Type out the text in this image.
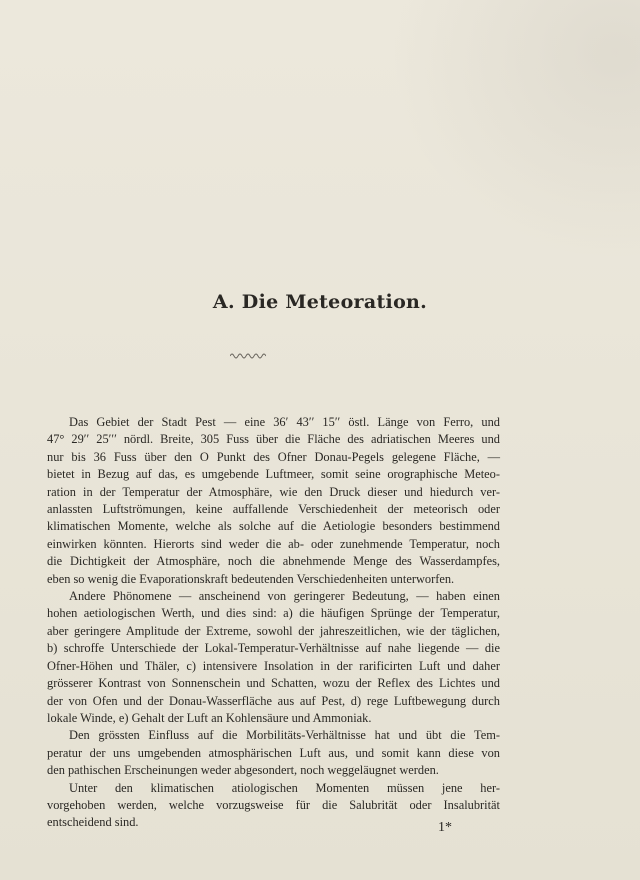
A. Die Meteoration.

Das Gebiet der Stadt Pest — eine 36′ 43′′ 15′′ östl. Länge von Ferro, und
47° 29′′ 25′′′ nördl. Breite, 305 Fuss über die Fläche des adriatischen Meeres und
nur bis 36 Fuss über den O Punkt des Ofner Donau-Pegels gelegene Fläche, —
bietet in Bezug auf das, es umgebende Luftmeer, somit seine orographische Meteo-
ration in der Temperatur der Atmosphäre, wie den Druck dieser und hiedurch ver-
anlassten Luftströmungen, keine auffallende Verschiedenheit der meteorisch oder
klimatischen Momente, welche als solche auf die Aetiologie besonders bestimmend
einwirken könnten. Hierorts sind weder die ab- oder zunehmende Temperatur, noch
die Dichtigkeit der Atmosphäre, noch die abnehmende Menge des Wasserdampfes,
eben so wenig die Evaporationskraft bedeutenden Verschiedenheiten unterworfen.

Andere Phönomene — anscheinend von geringerer Bedeutung, — haben einen
hohen aetiologischen Werth, und dies sind: a) die häufigen Sprünge der Temperatur,
aber geringere Amplitude der Extreme, sowohl der jahreszeitlichen, wie der täglichen,
b) schroffe Unterschiede der Lokal-Temperatur-Verhältnisse auf nahe liegende — die
Ofner-Höhen und Thäler, c) intensivere Insolation in der rarificirten Luft und daher
grösserer Kontrast von Sonnenschein und Schatten, wozu der Reflex des Lichtes und
der von Ofen und der Donau-Wasserfläche aus auf Pest, d) rege Luftbewegung durch
lokale Winde, e) Gehalt der Luft an Kohlensäure und Ammoniak.

Den grössten Einfluss auf die Morbilitäts-Verhältnisse hat und übt die Tem-
peratur der uns umgebenden atmosphärischen Luft aus, und somit kann diese von
den pathischen Erscheinungen weder abgesondert, noch weggeläugnet werden.

Unter den klimatischen atiologischen Momenten müssen jene her-
vorgehoben werden, welche vorzugsweise für die Salubrität oder Insalubrität
entscheidend sind.	1*
